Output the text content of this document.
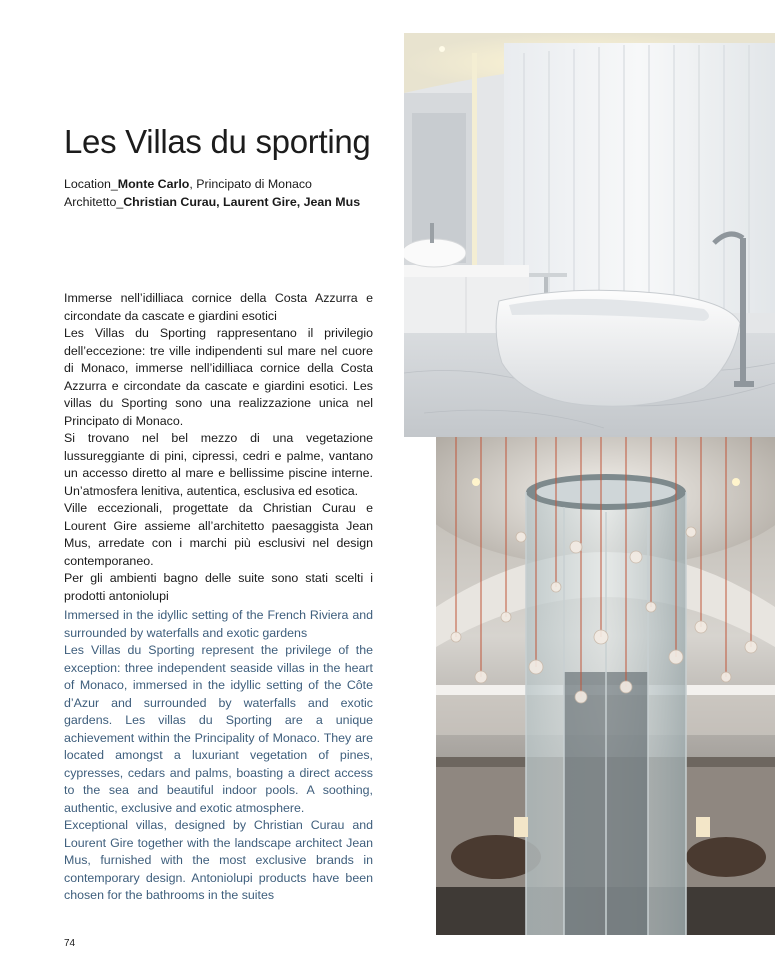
Les Villas du sporting
Location_Monte Carlo, Principato di Monaco
Architetto_Christian Curau, Laurent Gire, Jean Mus

Immerse nell’idilliaca cornice della Costa Azzurra e circondate da cascate e giardini esotici

Les Villas du Sporting rappresentano il privilegio dell’eccezione: tre ville indipendenti sul mare nel cuore di Monaco, immerse nell’idilliaca cornice della Costa Azzurra e circondate da cascate e giardini esotici. Les villas du Sporting sono una realizzazione unica nel Principato di Monaco.

Si trovano nel bel mezzo di una vegetazione lussureggiante di pini, cipressi, cedri e palme, vantano un accesso diretto al mare e bellissime piscine interne. Un’atmosfera lenitiva, autentica, esclusiva ed esotica.

Ville eccezionali, progettate da Christian Curau e Lourent Gire assieme all’architetto paesaggista Jean Mus, arredate con i marchi più esclusivi nel design contemporaneo.

Per gli ambienti bagno delle suite sono stati scelti i prodotti antoniolupi

Immersed in the idyllic setting of the French Riviera and surrounded by waterfalls and exotic gardens

Les Villas du Sporting represent the privilege of the exception: three independent seaside villas in the heart of Monaco, immersed in the idyllic setting of the Côte d’Azur and surrounded by waterfalls and exotic gardens. Les villas du Sporting are a unique achievement within the Principality of Monaco. They are located amongst a luxuriant vegetation of pines, cypresses, cedars and palms, boasting a direct access to the sea and beautiful indoor pools. A soothing, authentic, exclusive and exotic atmosphere.

Exceptional villas, designed by Christian Curau and Lourent Gire together with the landscape architect Jean Mus, furnished with the most exclusive brands in contemporary design. Antoniolupi products have been chosen for the bathrooms in the suites

74
